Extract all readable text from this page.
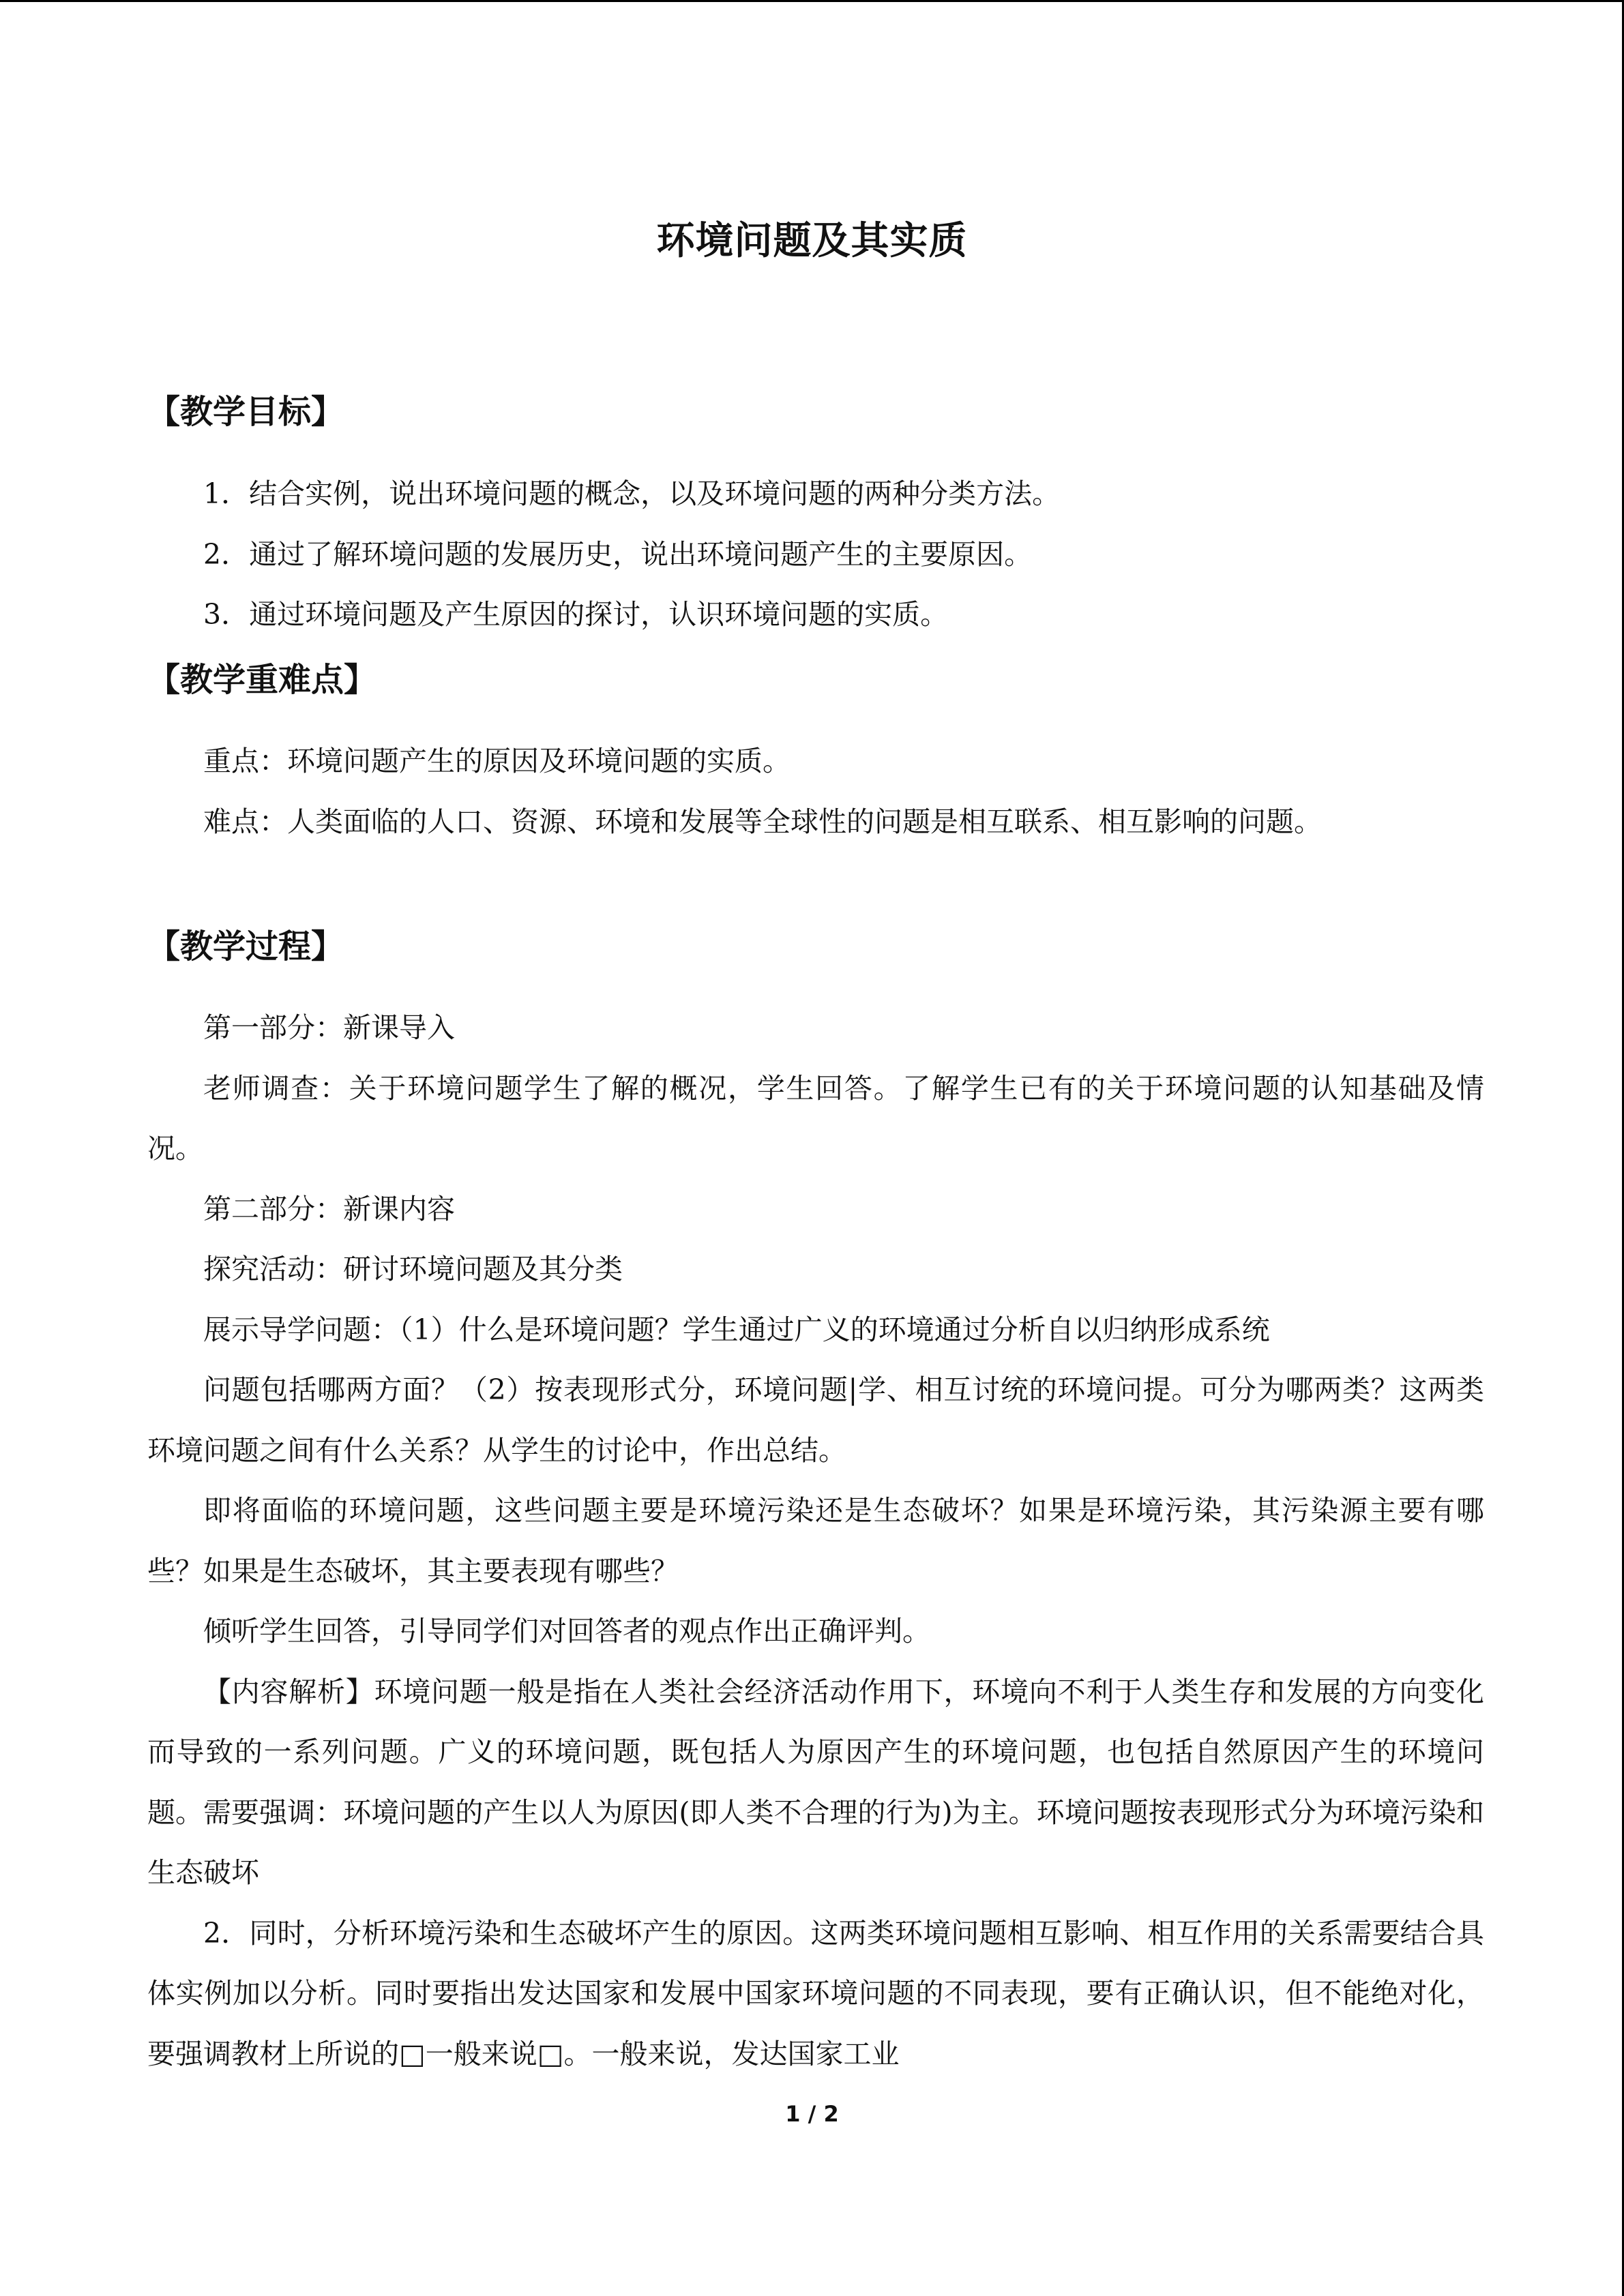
环境问题及其实质
【教学目标】

1．结合实例，说出环境问题的概念，以及环境问题的两种分类方法。

2．通过了解环境问题的发展历史，说出环境问题产生的主要原因。

3．通过环境问题及产生原因的探讨，认识环境问题的实质。

【教学重难点】

重点：环境问题产生的原因及环境问题的实质。

难点：人类面临的人口、资源、环境和发展等全球性的问题是相互联系、相互影响的问题。

【教学过程】

第一部分：新课导入

老师调查：关于环境问题学生了解的概况，学生回答。了解学生已有的关于环境问题的认知基础及情况。

第二部分：新课内容

探究活动：研讨环境问题及其分类

展示导学问题：（1）什么是环境问题？学生通过广义的环境通过分析自以归纳形成系统

问题包括哪两方面？（2）按表现形式分，环境问题|学、相互讨统的环境问提。可分为哪两类？这两类环境问题之间有什么关系？从学生的讨论中，作出总结。

即将面临的环境问题，这些问题主要是环境污染还是生态破坏？如果是环境污染，其污染源主要有哪些？如果是生态破坏，其主要表现有哪些？

倾听学生回答，引导同学们对回答者的观点作出正确评判。

【内容解析】环境问题一般是指在人类社会经济活动作用下，环境向不利于人类生存和发展的方向变化而导致的一系列问题。广义的环境问题，既包括人为原因产生的环境问题，也包括自然原因产生的环境问题。需要强调：环境问题的产生以人为原因(即人类不合理的行为)为主。环境问题按表现形式分为环境污染和生态破坏

2．同时，分析环境污染和生态破坏产生的原因。这两类环境问题相互影响、相互作用的关系需要结合具体实例加以分析。同时要指出发达国家和发展中国家环境问题的不同表现，要有正确认识，但不能绝对化，要强调教材上所说的□一般来说□。一般来说，发达国家工业

1 / 2
